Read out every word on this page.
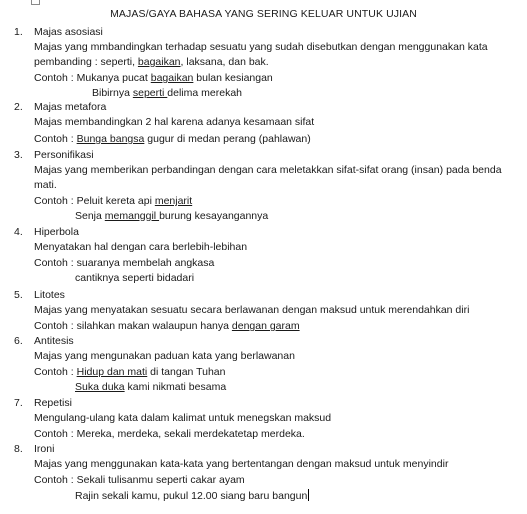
MAJAS/GAYA BAHASA YANG SERING KELUAR UNTUK UJIAN
1. Majas asosiasi
Majas yang mmbandingkan terhadap sesuatu yang sudah disebutkan dengan menggunakan kata
pembanding : seperti, bagaikan, laksana, dan bak.
Contoh : Mukanya pucat bagaikan bulan kesiangan
Bibirnya seperti delima merekah
2. Majas metafora
Majas membandingkan 2 hal karena adanya kesamaan sifat
Contoh : Bunga bangsa gugur di medan perang (pahlawan)
3. Personifikasi
Majas yang memberikan perbandingan dengan cara meletakkan sifat-sifat orang (insan) pada benda
mati.
Contoh : Peluit kereta api menjarit
Senja memanggil burung kesayangannya
4. Hiperbola
Menyatakan hal dengan cara berlebih-lebihan
Contoh : suaranya membelah angkasa
cantiknya seperti bidadari
5. Litotes
Majas yang menyatakan sesuatu secara berlawanan dengan maksud untuk merendahkan diri
Contoh : silahkan makan walaupun hanya dengan garam
6. Antitesis
Majas yang mengunakan paduan kata yang berlawanan
Contoh : Hidup dan mati di tangan Tuhan
Suka duka kami nikmati besama
7. Repetisi
Mengulang-ulang kata dalam kalimat untuk menegskan maksud
Contoh : Mereka, merdeka, sekali merdekatetap merdeka.
8. Ironi
Majas yang menggunakan kata-kata yang bertentangan dengan maksud untuk menyindir
Contoh : Sekali tulisanmu seperti cakar ayam
Rajin sekali kamu, pukul 12.00 siang baru bangun
